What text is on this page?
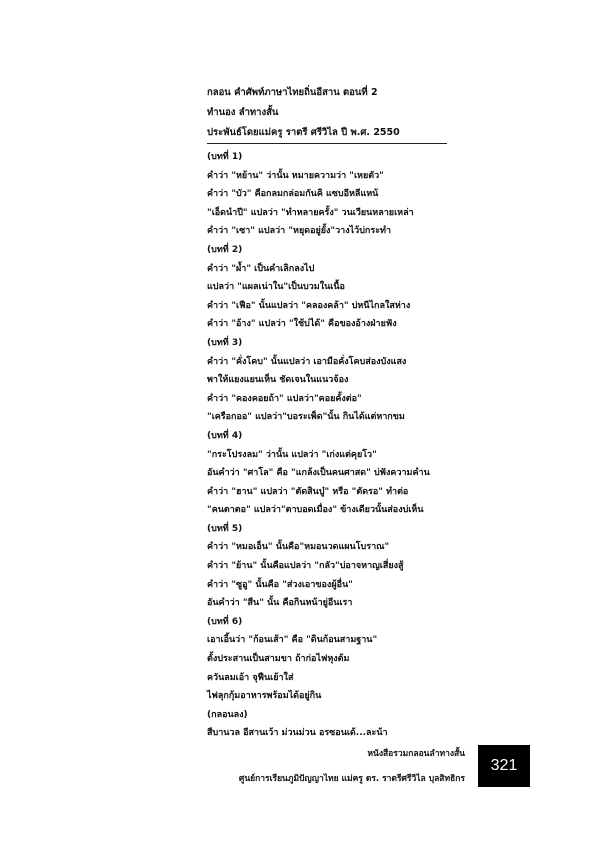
กลอน คำศัพท์ภาษาไทยถิ่นอีสาน ตอนที่ 2
ทำนอง ลำทางสั้น
ประพันธ์โดยแม่ครู ราตรี ศรีวิไล ปี พ.ศ. 2550
(บทที่ 1)
คำว่า "หย้าน" ว่านั้น หมายความว่า "เหยตัว"
คำว่า "บัว" คือกลมกล่อมกันคิ แซบอีหลีแหน้
"เอ็ดนำปี" แปลว่า "ทำหลายครั้ง" วนเวียนหลายเหล่า
คำว่า "เซา" แปลว่า "หยุดอยู่ยั้ง"วางไว้บ่กระทำ
(บทที่ 2)
คำว่า "ผ้ำ" เป็นคำเลิกลงไป
แปลว่า "แผลเน่าใน"เป็นบวมในเนื้อ
คำว่า "เฟือ" นั้นแปลว่า "คลองคล้า" บ่หนีไกลใสห่าง
คำว่า "อ้าง" แปลว่า "ใช้บ่ได้" คือของอ้างฝ่ายฟัง
(บทที่ 3)
คำว่า "คั่งโคบ" นั้นแปลว่า เอามือคั่งโคบส่องบังแสง
พาให้แยงแยนเห็น ชัดเจนในแนวจ้อง
คำว่า "คองคอยถ้า" แปลว่า"คอยคั้งต่อ"
"เครือกออ" แปลว่า"บอระเพ็ด"นั้น กินได้แต่หากขม
(บทที่ 4)
"กระโปรงลม" ว่านั้น แปลว่า "เก่งแต่คุยโว"
อันคำว่า "ศาโล" คือ "แกล้งเป็นคนศาสด" บ่ฟังความคำน
คำว่า "ฮาน" แปลว่า "ตัดสินบู๋" หรือ "ตัดรอ" ทำต่อ
"คนตาตอ" แปลว่า"ตาบอดเมื่อง" ข้างเดียวนั้นส่องบ่เห็น
(บทที่ 5)
คำว่า "หมอเอ็น" นั้นคือ"หมอนวดแผนโบราณ"
คำว่า "ย้าน" นั้นคือแปลว่า "กลัว"บ่อาจหาญเสี่ยงสู้
คำว่า "ซูอู" นั้นคือ "ส่วงเอาของผู้อื่น"
อันคำว่า "สืน" นั้น คือกินหน้ายู่อีนเรา
(บทที่ 6)
เอาเอิ้นว่า "ก้อนเส้า" คือ "ดินก้อนสามฐาน"
ตั้งประสานเป็นสามขา ถ้าก่อไฟหุงต้ม
ควันลมเอ้า จุฟืนเย้าใส่
ไฟลุกกุ้มอาหารพร้อมได้อยู่กิน
(กลอนลง)
สืบานวล อีสานเว้า ม่วนม่วน อรซอนเด้...ละน้า
หนังสือรวมกลอนลำทางสั้น
ศูนย์การเรียนภูมิปัญญาไทย แม่ครู ดร. ราตรีศรีวิไล บุลสิทธิกร
321
